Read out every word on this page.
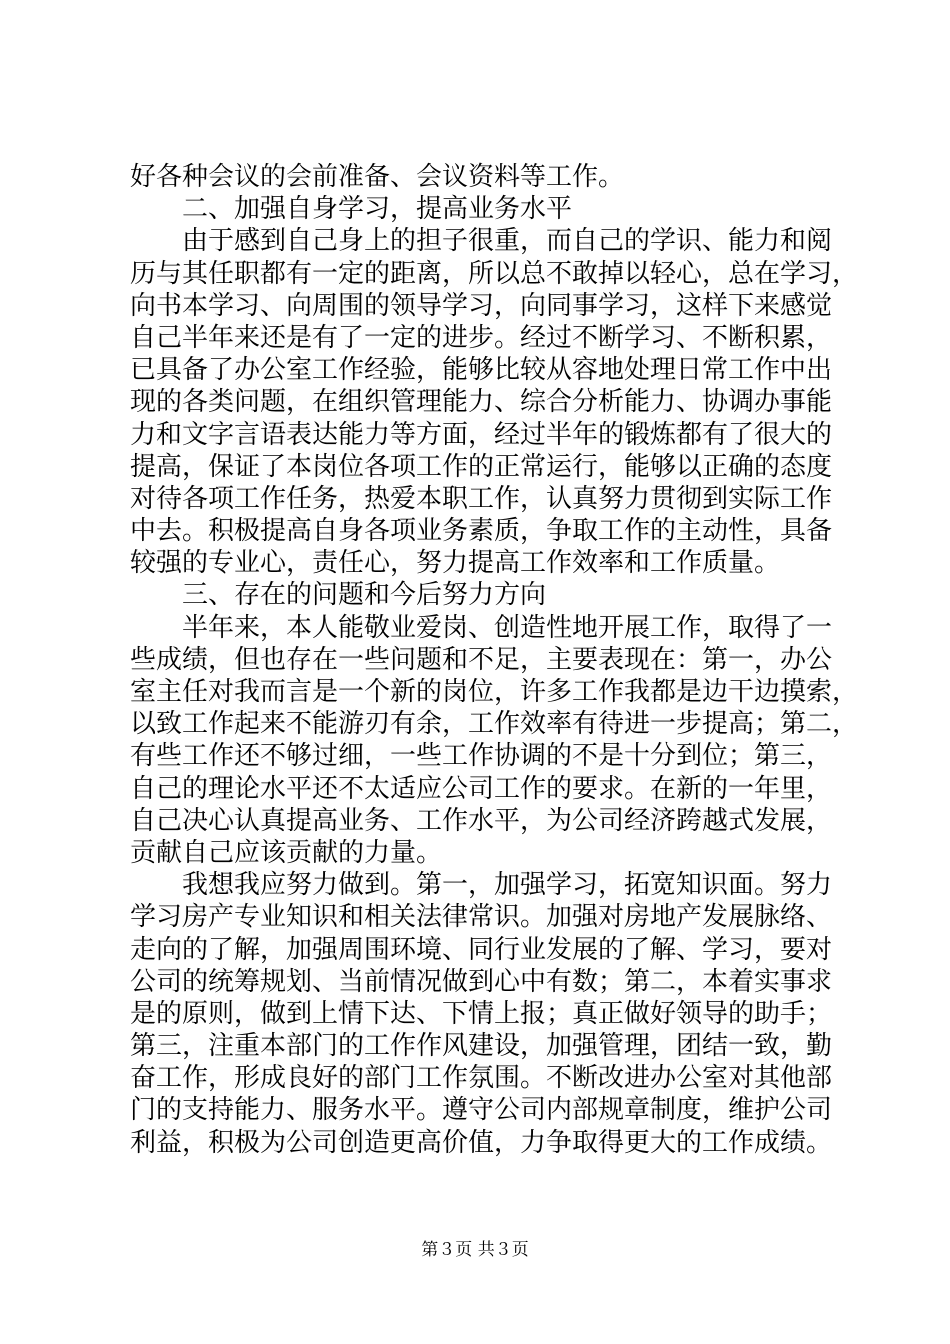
好各种会议的会前准备、会议资料等工作。
二、加强自身学习，提高业务水平
由于感到自己身上的担子很重，而自己的学识、能力和阅
历与其任职都有一定的距离，所以总不敢掉以轻心，总在学习，
向书本学习、向周围的领导学习，向同事学习，这样下来感觉
自己半年来还是有了一定的进步。经过不断学习、不断积累，
已具备了办公室工作经验，能够比较从容地处理日常工作中出
现的各类问题，在组织管理能力、综合分析能力、协调办事能
力和文字言语表达能力等方面，经过半年的锻炼都有了很大的
提高，保证了本岗位各项工作的正常运行，能够以正确的态度
对待各项工作任务，热爱本职工作，认真努力贯彻到实际工作
中去。积极提高自身各项业务素质，争取工作的主动性，具备
较强的专业心，责任心，努力提高工作效率和工作质量。
三、存在的问题和今后努力方向
半年来，本人能敬业爱岗、创造性地开展工作，取得了一
些成绩，但也存在一些问题和不足，主要表现在：第一，办公
室主任对我而言是一个新的岗位，许多工作我都是边干边摸索，
以致工作起来不能游刃有余，工作效率有待进一步提高；第二，
有些工作还不够过细，一些工作协调的不是十分到位；第三，
自己的理论水平还不太适应公司工作的要求。在新的一年里，
自己决心认真提高业务、工作水平，为公司经济跨越式发展，
贡献自己应该贡献的力量。
我想我应努力做到。第一，加强学习，拓宽知识面。努力
学习房产专业知识和相关法律常识。加强对房地产发展脉络、
走向的了解，加强周围环境、同行业发展的了解、学习，要对
公司的统筹规划、当前情况做到心中有数；第二，本着实事求
是的原则，做到上情下达、下情上报；真正做好领导的助手；
第三，注重本部门的工作作风建设，加强管理，团结一致，勤
奋工作，形成良好的部门工作氛围。不断改进办公室对其他部
门的支持能力、服务水平。遵守公司内部规章制度，维护公司
利益，积极为公司创造更高价值，力争取得更大的工作成绩。
第３页 共３页
